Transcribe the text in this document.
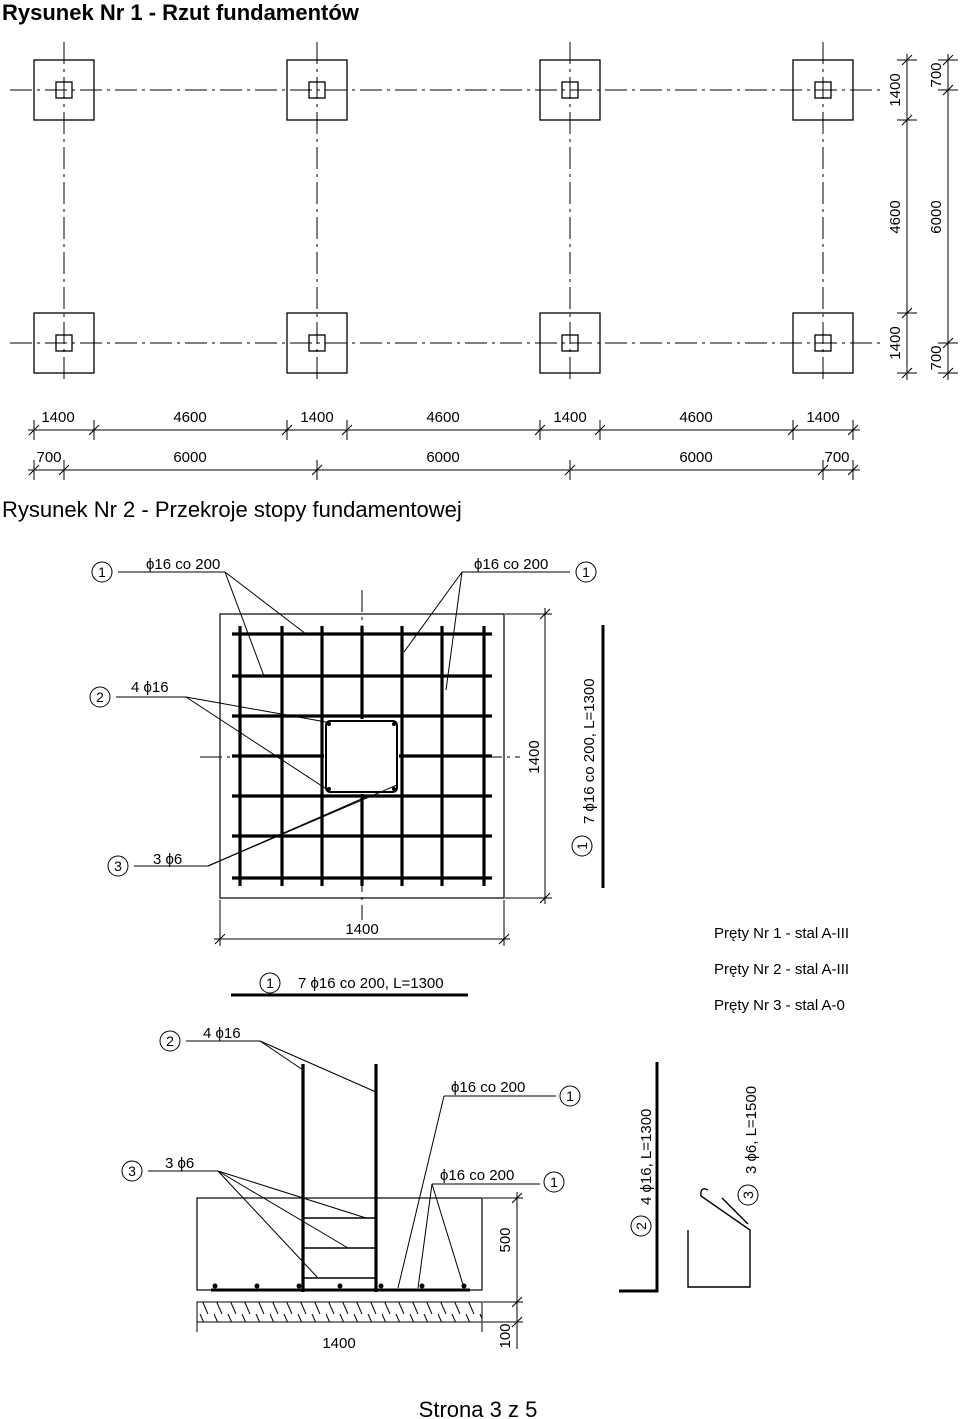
Rysunek Nr 1 - Rzut fundamentów
1400	4600	1400	4600	1400	4600	1400
700	6000	6000	6000	700
1400
4600
1400
700
6000
700
Rysunek Nr 2 - Przekroje stopy fundamentowej
1	ϕ16 co 200	ϕ16 co 200 1
2
4 ϕ16
3 3 ϕ6
1400
1400
1
7 ϕ16 co 200, L=1300
Pręty Nr 1 - stal A-III
Pręty Nr 2 - stal A-III
Pręty Nr 3 - stal A-0
1 7 ϕ16 co 200, L=1300
2 4 ϕ16
3 3 ϕ6
ϕ16 co 200	1
ϕ16 co 200	1
500
100
1400
2
4 ϕ16, L=1300	3
3 ϕ6, L=1500
Strona 3 z 5
